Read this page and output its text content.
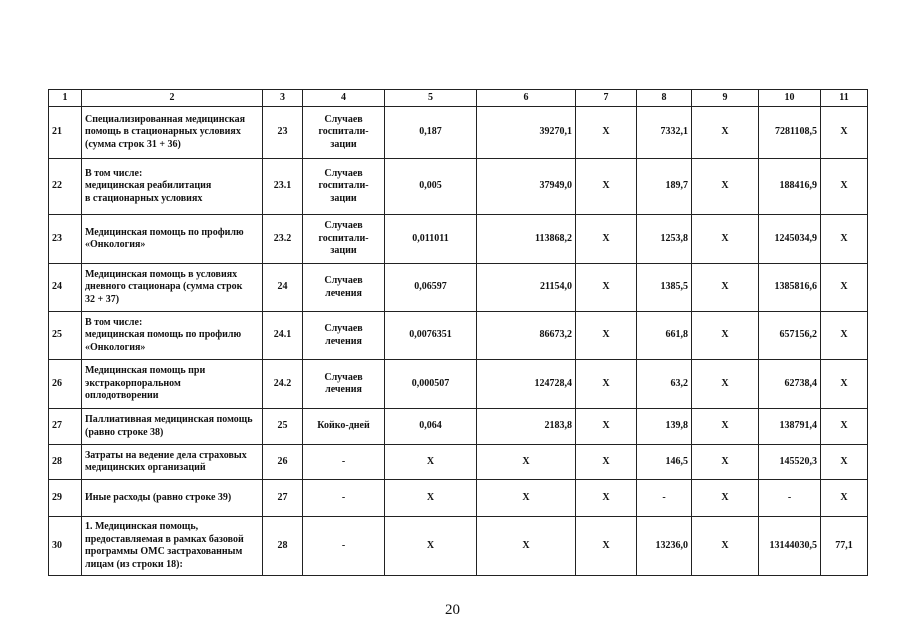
1	2	3	4	5	6	7	8	9	10	11
21	Специализированная медицинская
помощь в стационарных условиях
(сумма строк 31 + 36)	23	Случаев
госпитали-
зации	0,187	39270,1	X	7332,1	X	7281108,5	X
22	В том числе:
медицинская реабилитация
в стационарных условиях	23.1	Случаев
госпитали-
зации	0,005	37949,0	X	189,7	X	188416,9	X
23	Медицинская помощь по профилю
«Онкология»	23.2	Случаев
госпитали-
зации	0,011011	113868,2	X	1253,8	X	1245034,9	X
24	Медицинская помощь в условиях
дневного стационара (сумма строк
32 + 37)	24	Случаев
лечения	0,06597	21154,0	X	1385,5	X	1385816,6	X
25	В том числе:
медицинская помощь по профилю
«Онкология»	24.1	Случаев
лечения	0,0076351	86673,2	X	661,8	X	657156,2	X
26	Медицинская помощь при
экстракорпоральном
оплодотворении	24.2	Случаев
лечения	0,000507	124728,4	X	63,2	X	62738,4	X
27	Паллиативная медицинская помощь
(равно строке 38)	25	Койко-дней	0,064	2183,8	X	139,8	X	138791,4	X
28	Затраты на ведение дела страховых
медицинских организаций	26	-	X	X	X	146,5	X	145520,3	X
29	Иные расходы (равно строке 39)	27	-	X	X	X	-	X	-	X
30	1. Медицинская помощь,
предоставляемая в рамках базовой
программы ОМС застрахованным
лицам (из строки 18):	28	-	X	X	X	13236,0	X	13144030,5	77,1
20
